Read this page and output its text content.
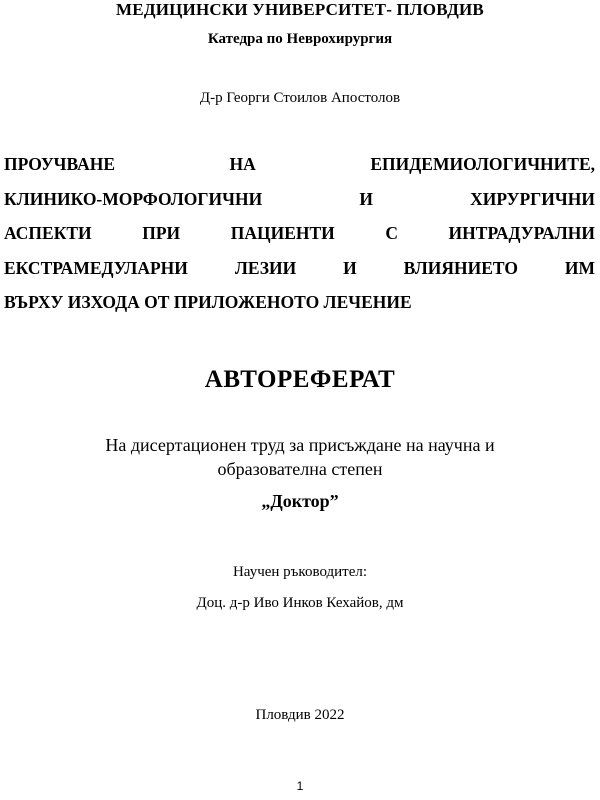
МЕДИЦИНСКИ УНИВЕРСИТЕТ- ПЛОВДИВ
Катедра по Неврохирургия
Д-р Георги Стоилов Апостолов
ПРОУЧВАНЕ НА ЕПИДЕМИОЛОГИЧНИТЕ,
КЛИНИКО-МОРФОЛОГИЧНИ И ХИРУРГИЧНИ
АСПЕКТИ ПРИ ПАЦИЕНТИ С ИНТРАДУРАЛНИ
ЕКСТРАМЕДУЛАРНИ ЛЕЗИИ И ВЛИЯНИЕТО ИМ
ВЪРХУ ИЗХОДА ОТ ПРИЛОЖЕНОТО ЛЕЧЕНИЕ
АВТОРЕФЕРАТ
На дисертационен труд за присъждане на научна и
образователна степен
„Доктор”
Научен ръководител:
Доц. д-р Иво Инков Кехайов, дм
Пловдив 2022
1
